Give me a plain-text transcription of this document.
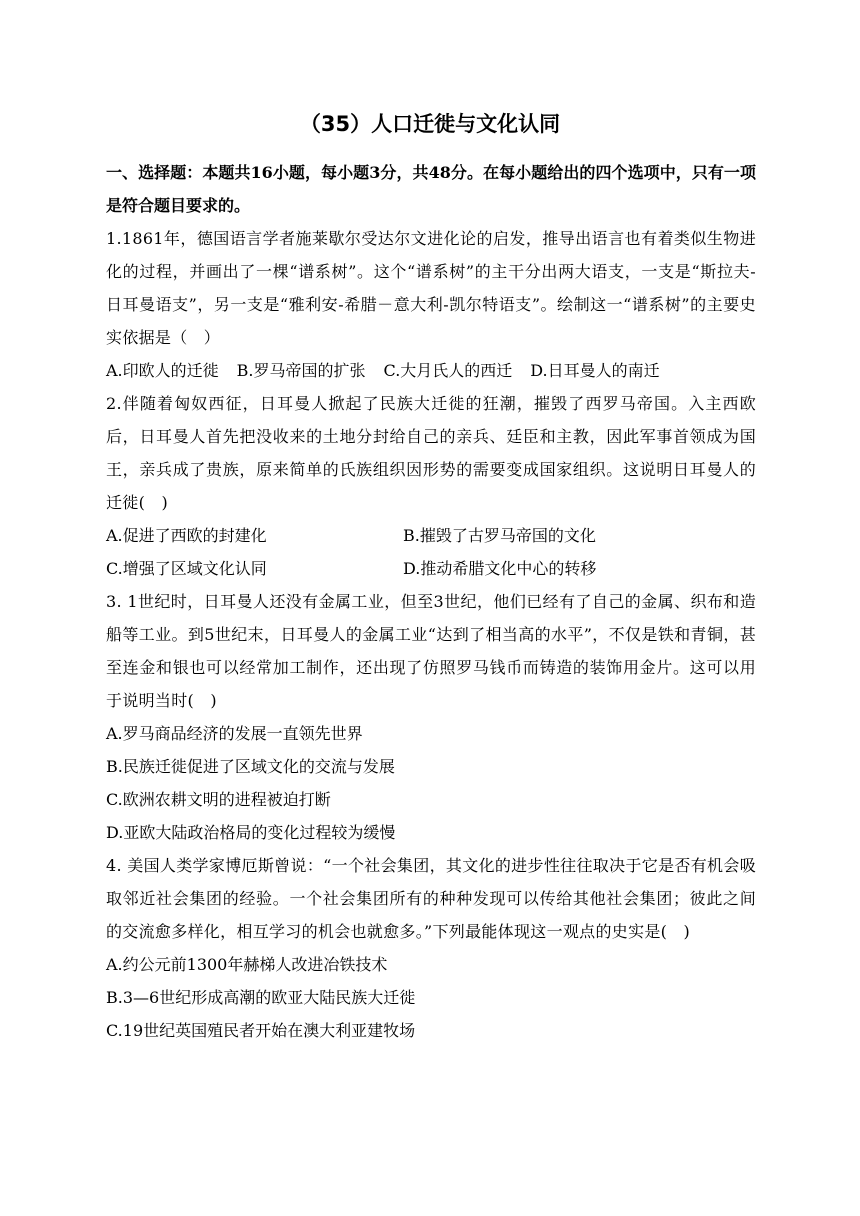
（35）人口迁徙与文化认同

一、选择题：本题共16小题，每小题3分，共48分。在每小题给出的四个选项中，只有一项是符合题目要求的。

1.1861年，德国语言学者施莱歇尔受达尔文进化论的启发，推导出语言也有着类似生物进化的过程，并画出了一棵“谱系树”。这个“谱系树”的主干分出两大语支，一支是“斯拉夫-日耳曼语支”，另一支是“雅利安-希腊－意大利-凯尔特语支”。绘制这一“谱系树”的主要史实依据是（　）

A.印欧人的迁徙 B.罗马帝国的扩张 C.大月氏人的西迁 D.日耳曼人的南迁

2.伴随着匈奴西征，日耳曼人掀起了民族大迁徙的狂潮，摧毁了西罗马帝国。入主西欧后，日耳曼人首先把没收来的土地分封给自己的亲兵、廷臣和主教，因此军事首领成为国王，亲兵成了贵族，原来简单的氏族组织因形势的需要变成国家组织。这说明日耳曼人的迁徙(　)

A.促进了西欧的封建化	B.摧毁了古罗马帝国的文化
C.增强了区域文化认同	D.推动希腊文化中心的转移

3. 1世纪时，日耳曼人还没有金属工业，但至3世纪，他们已经有了自己的金属、织布和造船等工业。到5世纪末，日耳曼人的金属工业“达到了相当高的水平”，不仅是铁和青铜，甚至连金和银也可以经常加工制作，还出现了仿照罗马钱币而铸造的装饰用金片。这可以用于说明当时(　)

A.罗马商品经济的发展一直领先世界
B.民族迁徙促进了区域文化的交流与发展
C.欧洲农耕文明的进程被迫打断
D.亚欧大陆政治格局的变化过程较为缓慢

4. 美国人类学家博厄斯曾说：“一个社会集团，其文化的进步性往往取决于它是否有机会吸取邻近社会集团的经验。一个社会集团所有的种种发现可以传给其他社会集团；彼此之间的交流愈多样化，相互学习的机会也就愈多。”下列最能体现这一观点的史实是(　)

A.约公元前1300年赫梯人改进冶铁技术
B.3—6世纪形成高潮的欧亚大陆民族大迁徙
C.19世纪英国殖民者开始在澳大利亚建牧场
